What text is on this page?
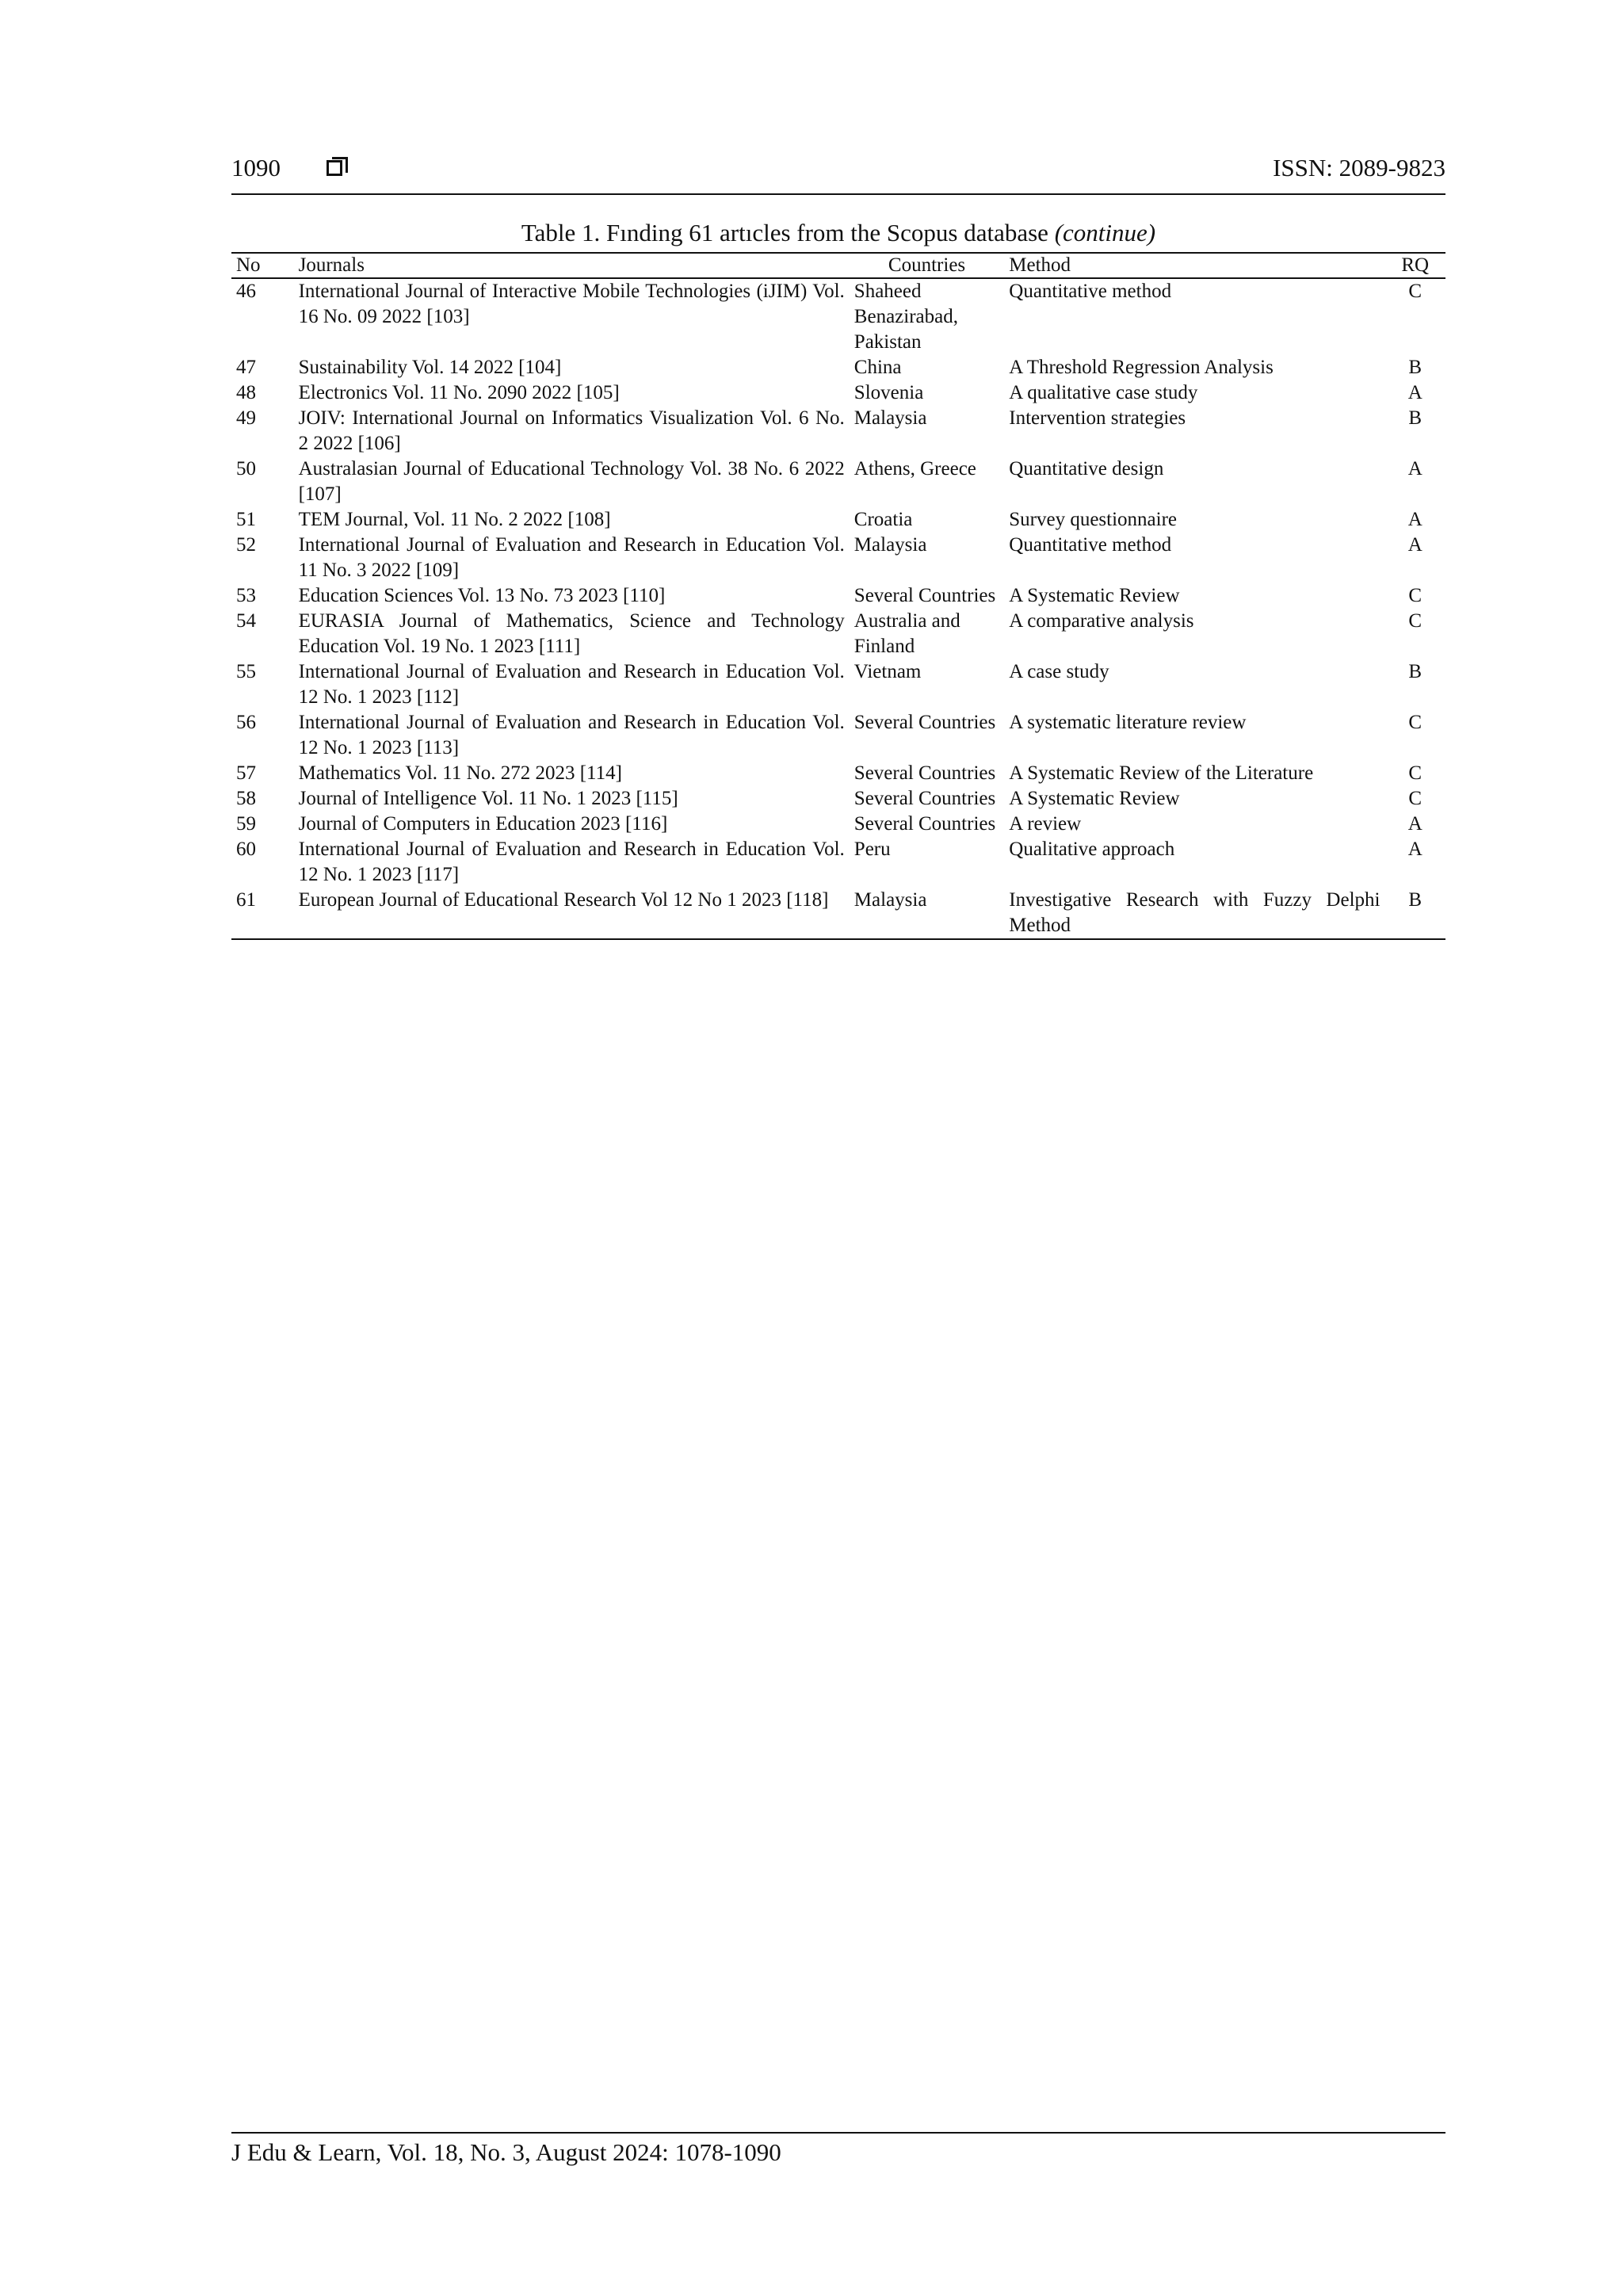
1090	ISSN: 2089-9823
Table 1. Fınding 61 artıcles from the Scopus database (continue)
No	Journals	Countries	Method	RQ
46	International Journal of Interactive Mobile Technologies (iJIM) Vol. 16 No. 09 2022 [103]	Shaheed Benazirabad, Pakistan	Quantitative method	C
47	Sustainability Vol. 14 2022 [104]	China	A Threshold Regression Analysis	B
48	Electronics Vol. 11 No. 2090 2022 [105]	Slovenia	A qualitative case study	A
49	JOIV: International Journal on Informatics Visualization Vol. 6 No. 2 2022 [106]	Malaysia	Intervention strategies	B
50	Australasian Journal of Educational Technology Vol. 38 No. 6 2022 [107]	Athens, Greece	Quantitative design	A
51	TEM Journal, Vol. 11 No. 2 2022 [108]	Croatia	Survey questionnaire	A
52	International Journal of Evaluation and Research in Education Vol. 11 No. 3 2022 [109]	Malaysia	Quantitative method	A
53	Education Sciences Vol. 13 No. 73 2023 [110]	Several Countries	A Systematic Review	C
54	EURASIA Journal of Mathematics, Science and Technology Education Vol. 19 No. 1 2023 [111]	Australia and Finland	A comparative analysis	C
55	International Journal of Evaluation and Research in Education Vol. 12 No. 1 2023 [112]	Vietnam	A case study	B
56	International Journal of Evaluation and Research in Education Vol. 12 No. 1 2023 [113]	Several Countries	A systematic literature review	C
57	Mathematics Vol. 11 No. 272 2023 [114]	Several Countries	A Systematic Review of the Literature	C
58	Journal of Intelligence Vol. 11 No. 1 2023 [115]	Several Countries	A Systematic Review	C
59	Journal of Computers in Education 2023 [116]	Several Countries	A review	A
60	International Journal of Evaluation and Research in Education Vol. 12 No. 1 2023 [117]	Peru	Qualitative approach	A
61	European Journal of Educational Research Vol 12 No 1 2023 [118]	Malaysia	Investigative Research with Fuzzy Delphi Method	B
J Edu & Learn, Vol. 18, No. 3, August 2024: 1078-1090
